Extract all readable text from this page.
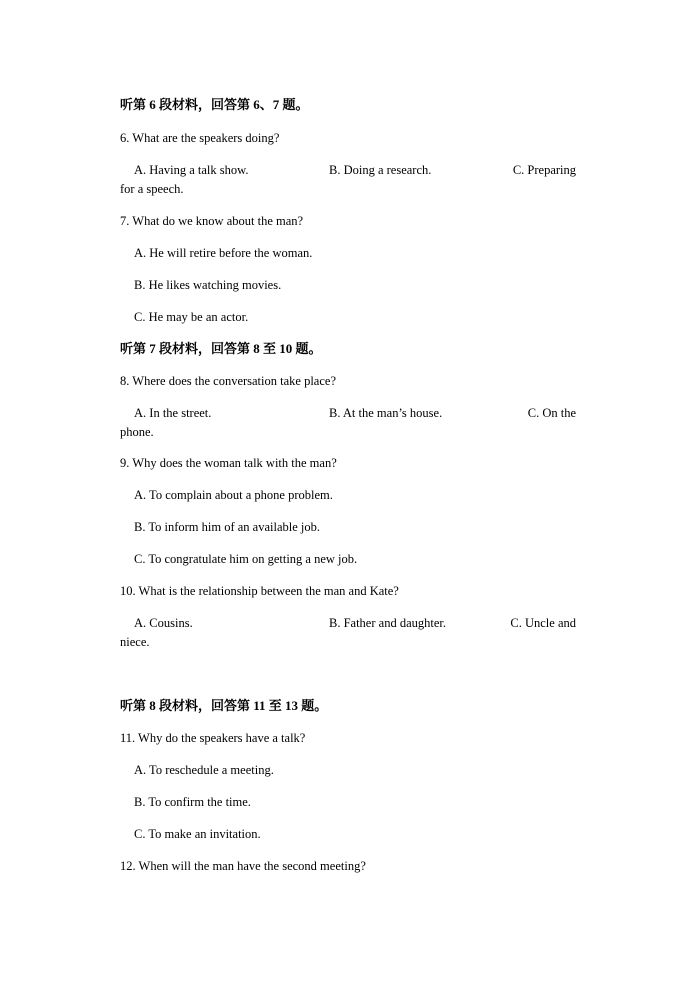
听第 6 段材料，回答第 6、7 题。
6. What are the speakers doing?
A. Having a talk show.	B. Doing a research.	C. Preparing
for a speech.
7. What do we know about the man?
A. He will retire before the woman.
B. He likes watching movies.
C. He may be an actor.
听第 7 段材料，回答第 8 至 10 题。
8. Where does the conversation take place?
A. In the street.	B. At the man’s house.	C. On the
phone.
9. Why does the woman talk with the man?
A. To complain about a phone problem.
B. To inform him of an available job.
C. To congratulate him on getting a new job.
10. What is the relationship between the man and Kate?
A. Cousins.	B. Father and daughter.	C. Uncle and
niece.
听第 8 段材料，回答第 11 至 13 题。
11. Why do the speakers have a talk?
A. To reschedule a meeting.
B. To confirm the time.
C. To make an invitation.
12. When will the man have the second meeting?
